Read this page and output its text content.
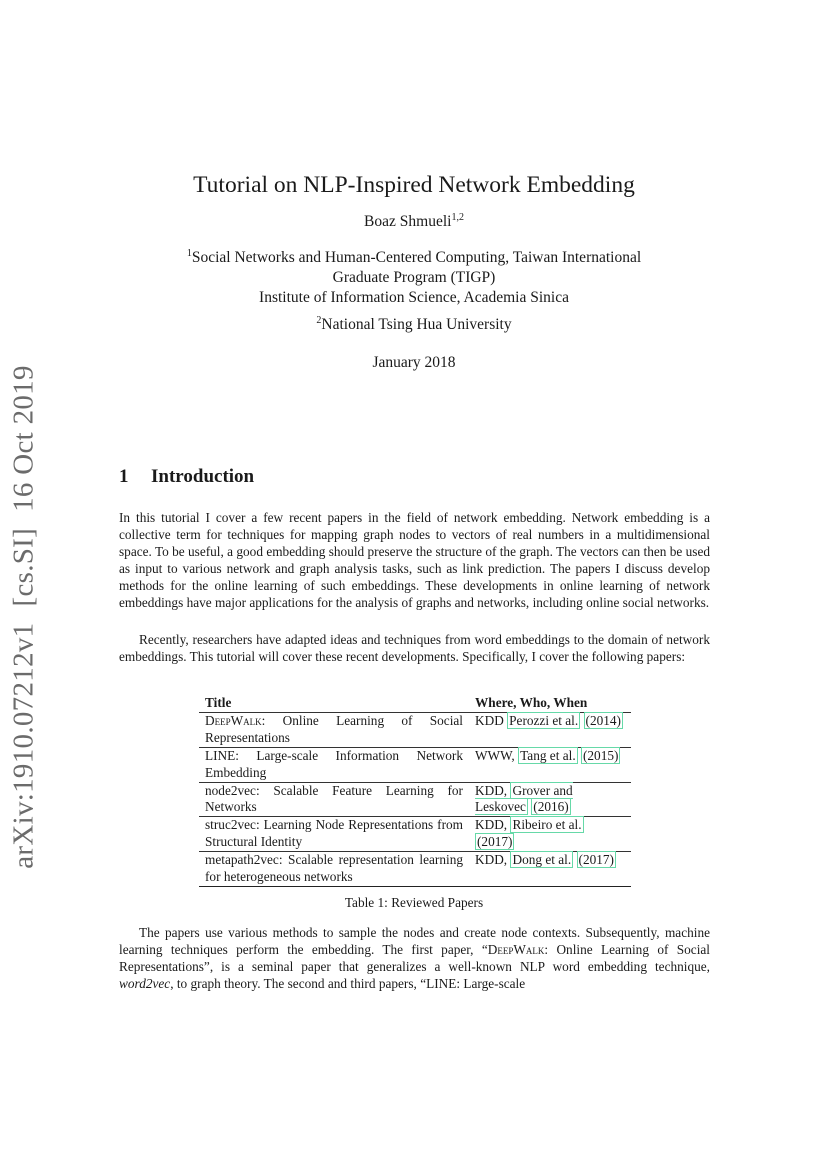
arXiv:1910.07212v1[cs.SI]16 Oct 2019
Tutorial on NLP-Inspired Network Embedding
Boaz Shmueli$^{1,2}$
$^1$Social Networks and Human-Centered Computing, Taiwan International
Graduate Program (TIGP)
Institute of Information Science, Academia Sinica
$^2$National Tsing Hua University
January 2018
1 Introduction

In this tutorial I cover a few recent papers in the field of network embedding. Network embedding is a collective term for techniques for mapping graph nodes to vectors of real numbers in a multidimensional space. To be useful, a good embedding should preserve the structure of the graph. The vectors can then be used as input to various network and graph analysis tasks, such as link prediction. The papers I discuss develop methods for the online learning of such embeddings. These developments in online learning of network embeddings have major applications for the analysis of graphs and networks, including online social networks.

Recently, researchers have adapted ideas and techniques from word embeddings to the domain of network embeddings. This tutorial will cover these recent developments. Specifically, I cover the following papers:

Title	Where, Who, When
DeepWalk: Online Learning of Social Representations	KDD Perozzi et al. (2014)
LINE: Large-scale Information Network Embedding	WWW, Tang et al. (2015)
node2vec: Scalable Feature Learning for Networks	KDD, Grover and Leskovec (2016)
struc2vec: Learning Node Representations from Structural Identity	KDD, Ribeiro et al. (2017)
metapath2vec: Scalable representation learning for heterogeneous networks	KDD, Dong et al. (2017)

Table 1: Reviewed Papers

The papers use various methods to sample the nodes and create node contexts. Subsequently, machine learning techniques perform the embedding. The first paper, “DeepWalk: Online Learning of Social Representations”, is a seminal paper that generalizes a well-known NLP word embedding technique, word2vec, to graph theory. The second and third papers, “LINE: Large-scale
